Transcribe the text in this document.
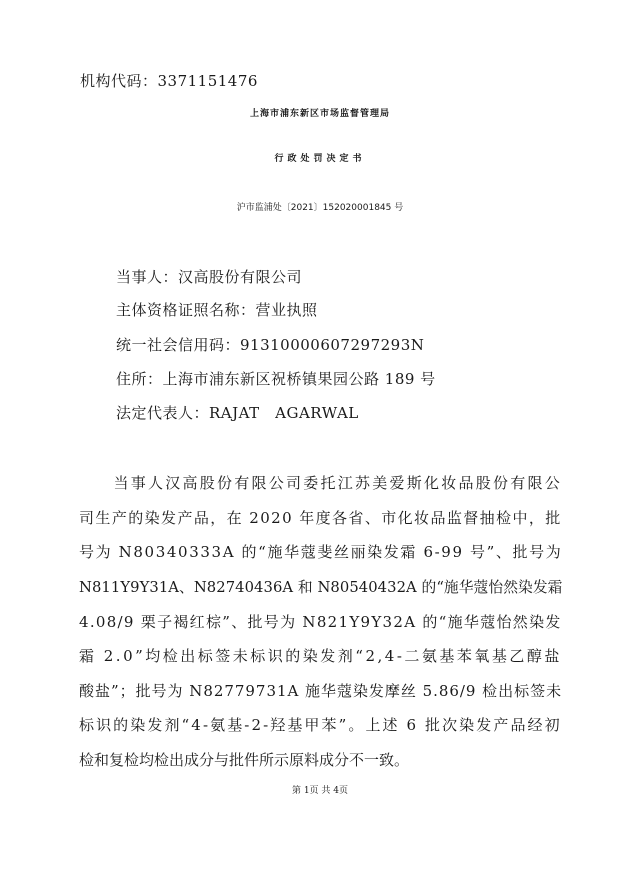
机构代码：3371151476
上海市浦东新区市场监督管理局
行政处罚决定书
沪市监浦处〔2021〕152020001845 号
当事人：汉高股份有限公司
主体资格证照名称：营业执照
统一社会信用码：91310000607297293N
住所：上海市浦东新区祝桥镇果园公路 189 号
法定代表人：RAJAT　AGARWAL
　　当事人汉高股份有限公司委托江苏美爱斯化妆品股份有限公
司生产的染发产品，在 2020 年度各省、市化妆品监督抽检中，批
号为 N80340333A 的“施华蔻斐丝丽染发霜 6-99 号”、批号为
N811Y9Y31A、N82740436A 和 N80540432A 的“施华蔻怡然染发霜
4.08/9 栗子褐红棕”、批号为 N821Y9Y32A 的“施华蔻怡然染发
霜 2.0”均检出标签未标识的染发剂“2,4-二氨基苯氧基乙醇盐
酸盐”；批号为 N82779731A 施华蔻染发摩丝 5.86/9 检出标签未
标识的染发剂“4-氨基-2-羟基甲苯”。上述 6 批次染发产品经初
检和复检均检出成分与批件所示原料成分不一致。
第 1页 共 4页
